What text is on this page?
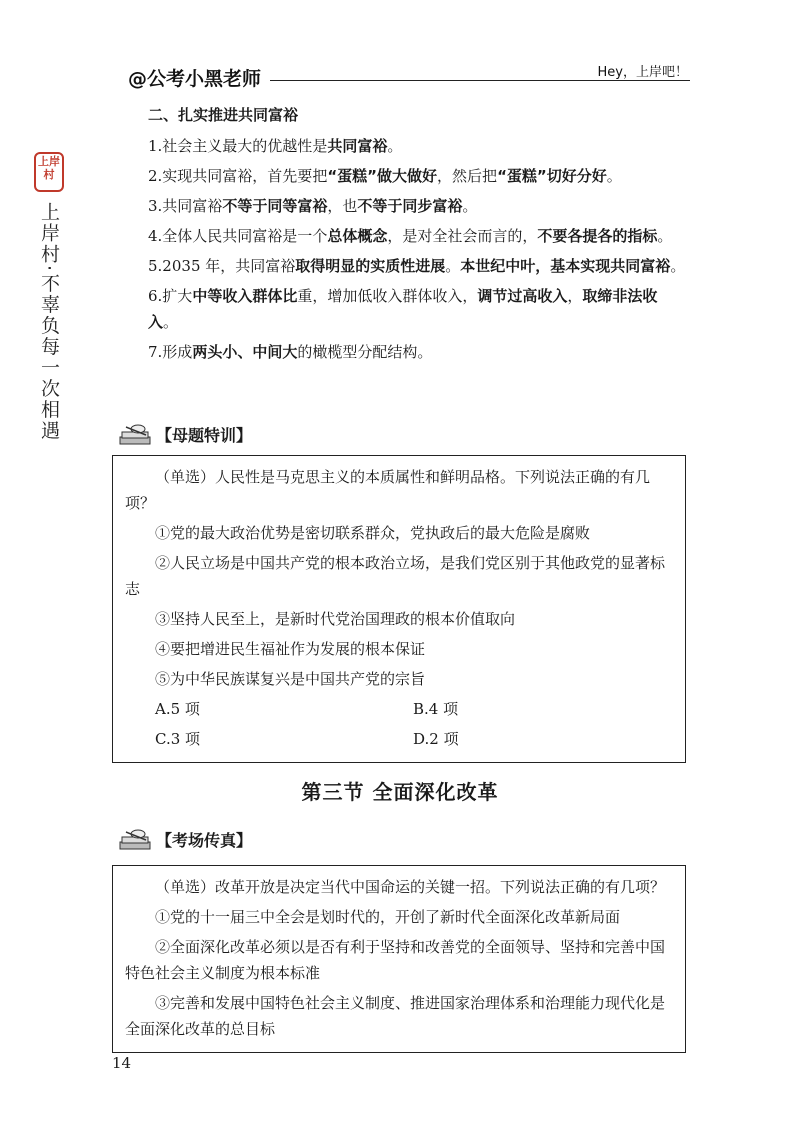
@公考小黑老师	Hey，上岸吧！
上岸村
上岸村·不辜负每一次相遇
二、扎实推进共同富裕

1.社会主义最大的优越性是共同富裕。

2.实现共同富裕，首先要把“蛋糕”做大做好，然后把“蛋糕”切好分好。

3.共同富裕不等于同等富裕，也不等于同步富裕。

4.全体人民共同富裕是一个总体概念，是对全社会而言的，不要各提各的指标。

5.2035 年，共同富裕取得明显的实质性进展。本世纪中叶，基本实现共同富裕。

6.扩大中等收入群体比重，增加低收入群体收入，调节过高收入，取缔非法收入。

7.形成两头小、中间大的橄榄型分配结构。

【母题特训】

（单选）人民性是马克思主义的本质属性和鲜明品格。下列说法正确的有几项？

①党的最大政治优势是密切联系群众，党执政后的最大危险是腐败

②人民立场是中国共产党的根本政治立场，是我们党区别于其他政党的显著标志

③坚持人民至上，是新时代党治国理政的根本价值取向

④要把增进民生福祉作为发展的根本保证

⑤为中华民族谋复兴是中国共产党的宗旨

A.5 项	B.4 项
C.3 项	D.2 项
第三节 全面深化改革
【考场传真】

（单选）改革开放是决定当代中国命运的关键一招。下列说法正确的有几项？

①党的十一届三中全会是划时代的，开创了新时代全面深化改革新局面

②全面深化改革必须以是否有利于坚持和改善党的全面领导、坚持和完善中国特色社会主义制度为根本标准

③完善和发展中国特色社会主义制度、推进国家治理体系和治理能力现代化是全面深化改革的总目标

14
